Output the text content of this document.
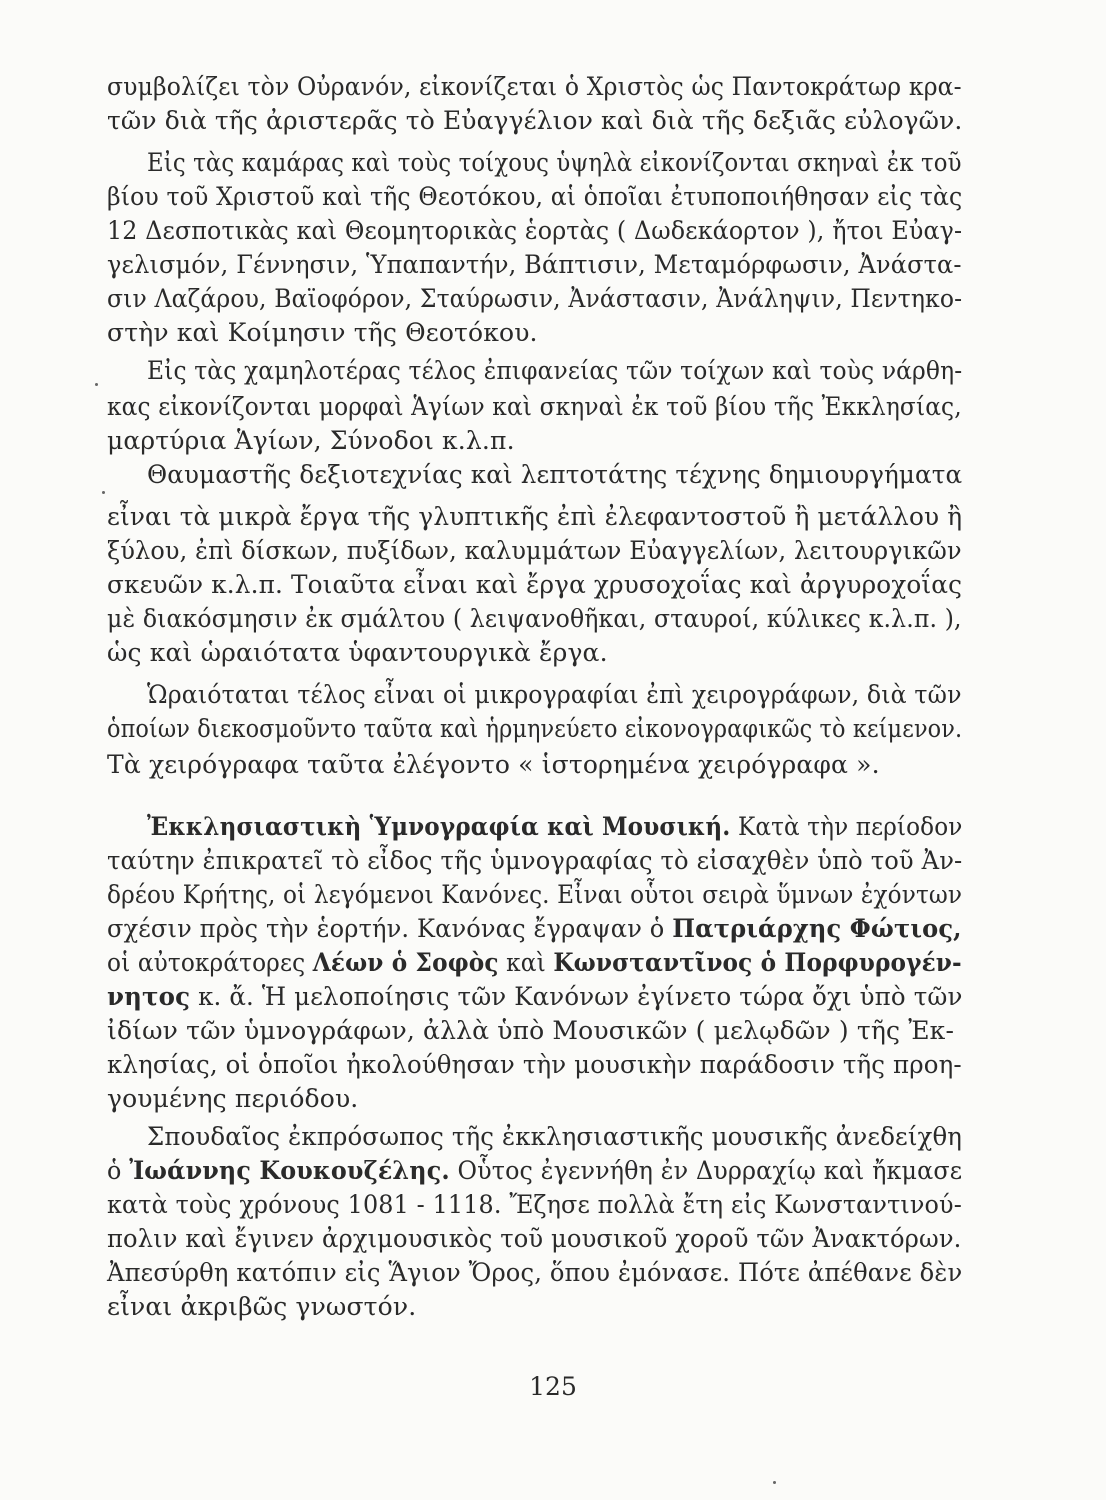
συμβολίζει τὸν Οὐρανόν, εἰκονίζεται ὁ Χριστὸς ὡς Παντοκράτωρ κρα-
τῶν διὰ τῆς ἀριστερᾶς τὸ Εὐαγγέλιον καὶ διὰ τῆς δεξιᾶς εὐλογῶν.
Εἰς τὰς καμάρας καὶ τοὺς τοίχους ὑψηλὰ εἰκονίζονται σκηναὶ ἐκ τοῦ
βίου τοῦ Χριστοῦ καὶ τῆς Θεοτόκου, αἱ ὁποῖαι ἐτυποποιήθησαν εἰς τὰς
12 Δεσποτικὰς καὶ Θεομητορικὰς ἑορτὰς ( Δωδεκάορτον ), ἤτοι Εὐαγ-
γελισμόν, Γέννησιν, Ὑπαπαντήν, Βάπτισιν, Μεταμόρφωσιν, Ἀνάστα-
σιν Λαζάρου, Βαϊοφόρον, Σταύρωσιν, Ἀνάστασιν, Ἀνάληψιν, Πεντηκο-
στὴν καὶ Κοίμησιν τῆς Θεοτόκου.
Εἰς τὰς χαμηλοτέρας τέλος ἐπιφανείας τῶν τοίχων καὶ τοὺς νάρθη-
κας εἰκονίζονται μορφαὶ Ἁγίων καὶ σκηναὶ ἐκ τοῦ βίου τῆς Ἐκκλησίας,
μαρτύρια Ἁγίων, Σύνοδοι κ.λ.π.
Θαυμαστῆς δεξιοτεχνίας καὶ λεπτοτάτης τέχνης δημιουργήματα
εἶναι τὰ μικρὰ ἔργα τῆς γλυπτικῆς ἐπὶ ἐλεφαντοστοῦ ἢ μετάλλου ἢ
ξύλου, ἐπὶ δίσκων, πυξίδων, καλυμμάτων Εὐαγγελίων, λειτουργικῶν
σκευῶν κ.λ.π. Τοιαῦτα εἶναι καὶ ἔργα χρυσοχοΐας καὶ ἀργυροχοΐας
μὲ διακόσμησιν ἐκ σμάλτου ( λειψανοθῆκαι, σταυροί, κύλικες κ.λ.π. ),
ὡς καὶ ὡραιότατα ὑφαντουργικὰ ἔργα.
Ὡραιόταται τέλος εἶναι οἱ μικρογραφίαι ἐπὶ χειρογράφων, διὰ τῶν
ὁποίων διεκοσμοῦντο ταῦτα καὶ ἡρμηνεύετο εἰκονογραφικῶς τὸ κείμενον.
Τὰ χειρόγραφα ταῦτα ἐλέγοντο « ἱστορημένα χειρόγραφα ».
Ἐκκλησιαστικὴ Ὑμνογραφία καὶ Μουσική. Κατὰ τὴν περίοδον
ταύτην ἐπικρατεῖ τὸ εἶδος τῆς ὑμνογραφίας τὸ εἰσαχθὲν ὑπὸ τοῦ Ἀν-
δρέου Κρήτης, οἱ λεγόμενοι Κανόνες. Εἶναι οὗτοι σειρὰ ὕμνων ἐχόντων
σχέσιν πρὸς τὴν ἑορτήν. Κανόνας ἔγραψαν ὁ Πατριάρχης Φώτιος,
οἱ αὐτοκράτορες Λέων ὁ Σοφὸς καὶ Κωνσταντῖνος ὁ Πορφυρογέν-
νητος κ. ἄ. Ἡ μελοποίησις τῶν Κανόνων ἐγίνετο τώρα ὄχι ὑπὸ τῶν
ἰδίων τῶν ὑμνογράφων, ἀλλὰ ὑπὸ Μουσικῶν ( μελῳδῶν ) τῆς Ἐκ-
κλησίας, οἱ ὁποῖοι ἠκολούθησαν τὴν μουσικὴν παράδοσιν τῆς προη-
γουμένης περιόδου.
Σπουδαῖος ἐκπρόσωπος τῆς ἐκκλησιαστικῆς μουσικῆς ἀνεδείχθη
ὁ Ἰωάννης Κουκουζέλης. Οὗτος ἐγεννήθη ἐν Δυρραχίῳ καὶ ἤκμασε
κατὰ τοὺς χρόνους 1081 - 1118. Ἔζησε πολλὰ ἔτη εἰς Κωνσταντινού-
πολιν καὶ ἔγινεν ἀρχιμουσικὸς τοῦ μουσικοῦ χοροῦ τῶν Ἀνακτόρων.
Ἀπεσύρθη κατόπιν εἰς Ἅγιον Ὄρος, ὅπου ἐμόνασε. Πότε ἀπέθανε δὲν
εἶναι ἀκριβῶς γνωστόν.
125
